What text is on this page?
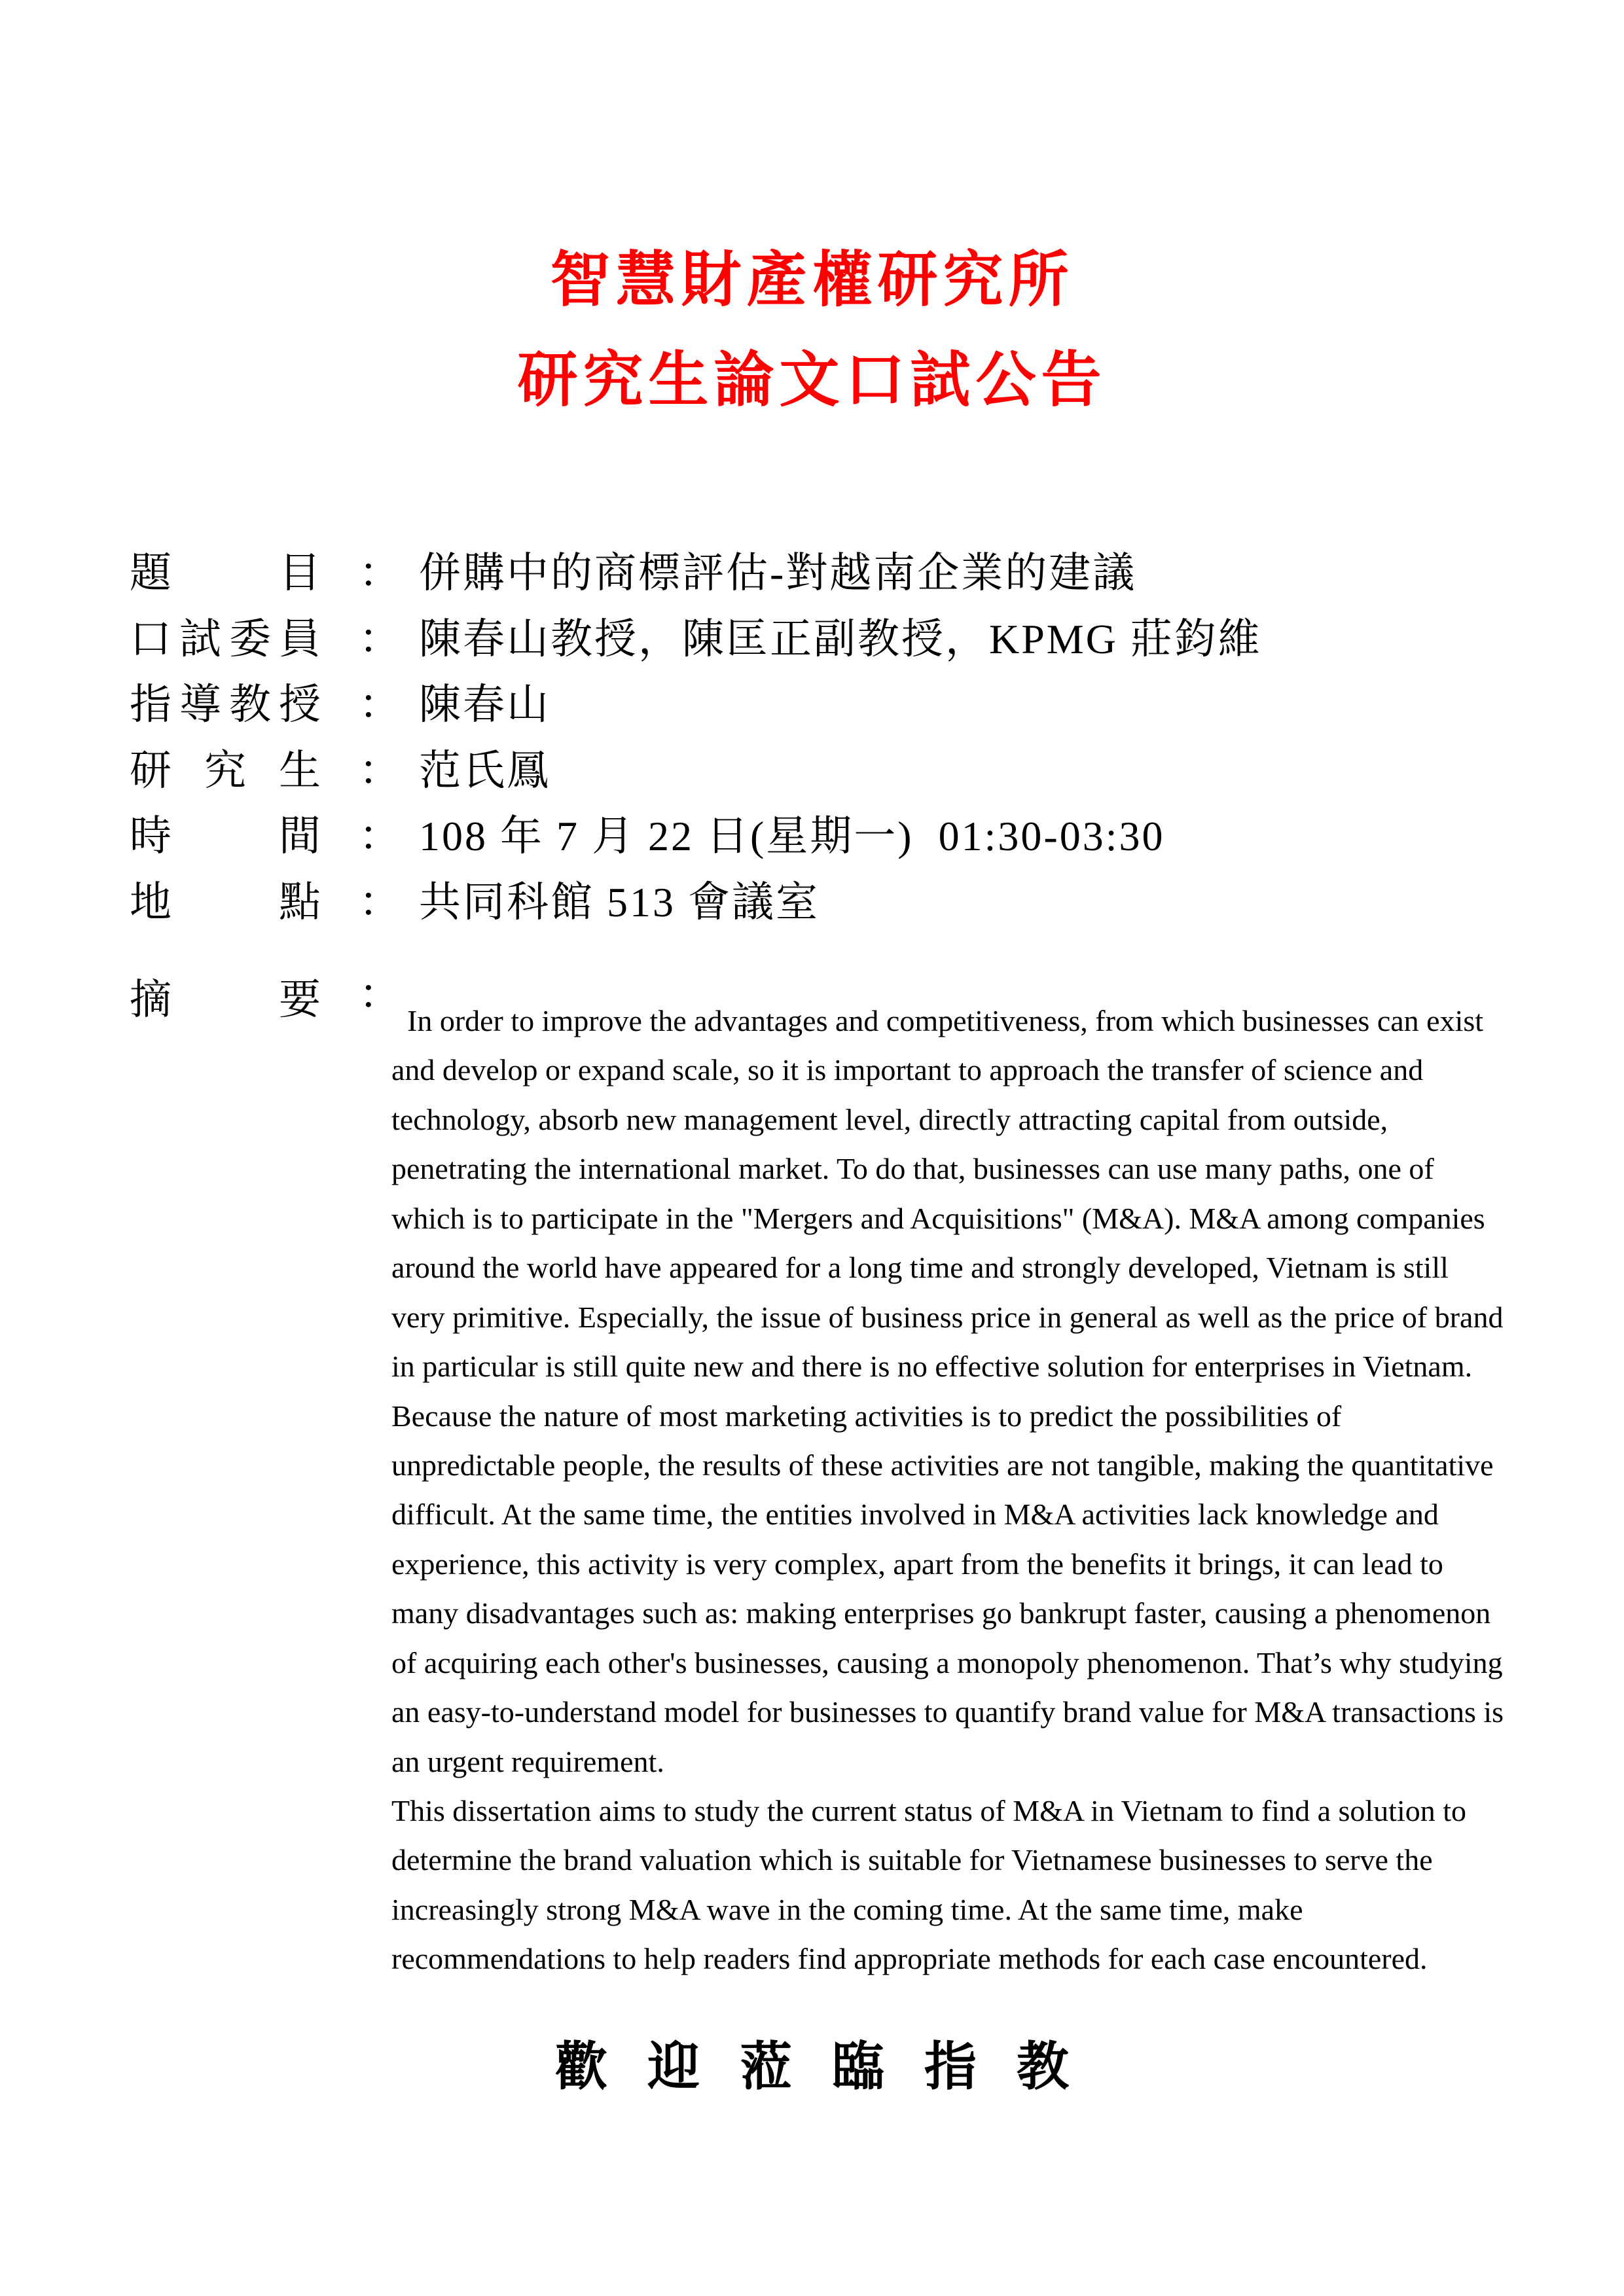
智慧財產權研究所
研究生論文口試公告
題目 ： 併購中的商標評估-對越南企業的建議
口試委員 ： 陳春山教授，陳匡正副教授，KPMG 莊鈞維
指導教授 ： 陳春山
研究生 ： 范氏鳳
時間 ： 108 年 7 月 22 日(星期一)  01:30-03:30
地點 ： 共同科館 513 會議室
摘要 ：
In order to improve the advantages and competitiveness, from which businesses can exist
and develop or expand scale, so it is important to approach the transfer of science and
technology, absorb new management level, directly attracting capital from outside,
penetrating the international market. To do that, businesses can use many paths, one of
which is to participate in the "Mergers and Acquisitions" (M&A). M&A among companies
around the world have appeared for a long time and strongly developed, Vietnam is still
very primitive. Especially, the issue of business price in general as well as the price of brand
in particular is still quite new and there is no effective solution for enterprises in Vietnam.
Because the nature of most marketing activities is to predict the possibilities of
unpredictable people, the results of these activities are not tangible, making the quantitative
difficult. At the same time, the entities involved in M&A activities lack knowledge and
experience, this activity is very complex, apart from the benefits it brings, it can lead to
many disadvantages such as: making enterprises go bankrupt faster, causing a phenomenon
of acquiring each other's businesses, causing a monopoly phenomenon. That’s why studying
an easy-to-understand model for businesses to quantify brand value for M&A transactions is
an urgent requirement.
This dissertation aims to study the current status of M&A in Vietnam to find a solution to
determine the brand valuation which is suitable for Vietnamese businesses to serve the
increasingly strong M&A wave in the coming time. At the same time, make
recommendations to help readers find appropriate methods for each case encountered.
歡迎蒞臨指教
